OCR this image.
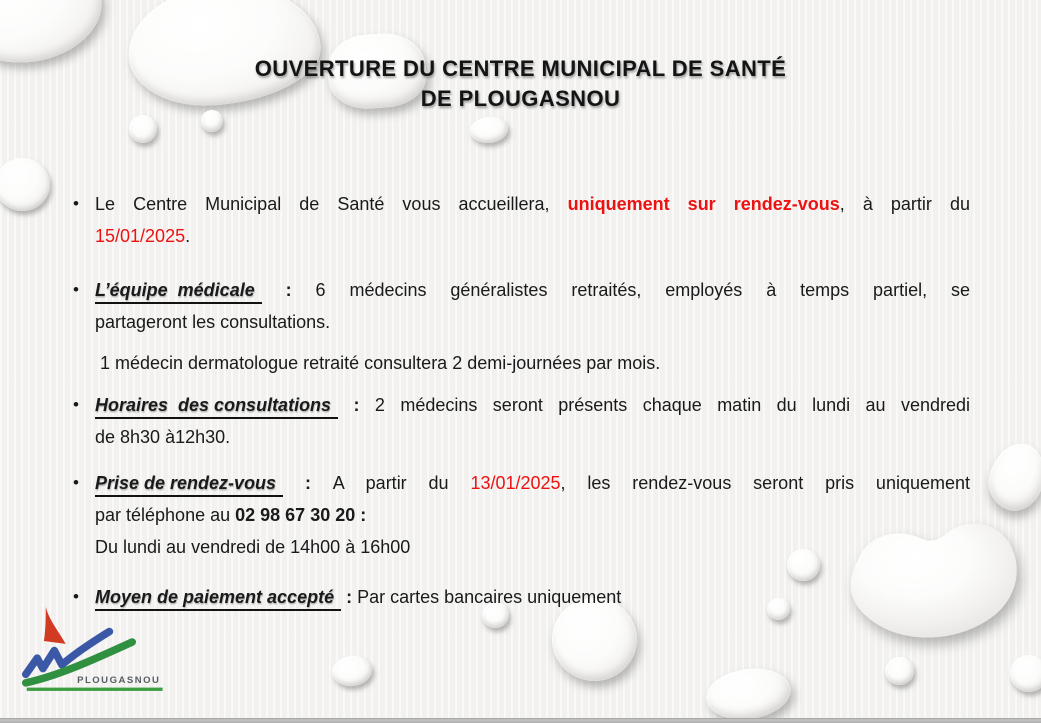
OUVERTURE DU CENTRE MUNICIPAL DE SANTÉ
DE PLOUGASNOU
• Le Centre Municipal de Santé vous accueillera, uniquement sur rendez-vous, à partir du
15/01/2025.
• L’équipe  médicale : 6 médecins généralistes retraités, employés à temps partiel, se
partageront les consultations.
1 médecin dermatologue retraité consultera 2 demi-journées par mois.
• Horaires  des consultations : 2 médecins seront présents chaque matin du lundi au vendredi
de 8h30 à12h30.
• Prise de rendez-vous : A partir du 13/01/2025, les rendez-vous seront pris uniquement
par téléphone au 02 98 67 30 20 :
Du lundi au vendredi de 14h00 à 16h00
• Moyen de paiement accepté : Par cartes bancaires uniquement
PLOUGASNOU
